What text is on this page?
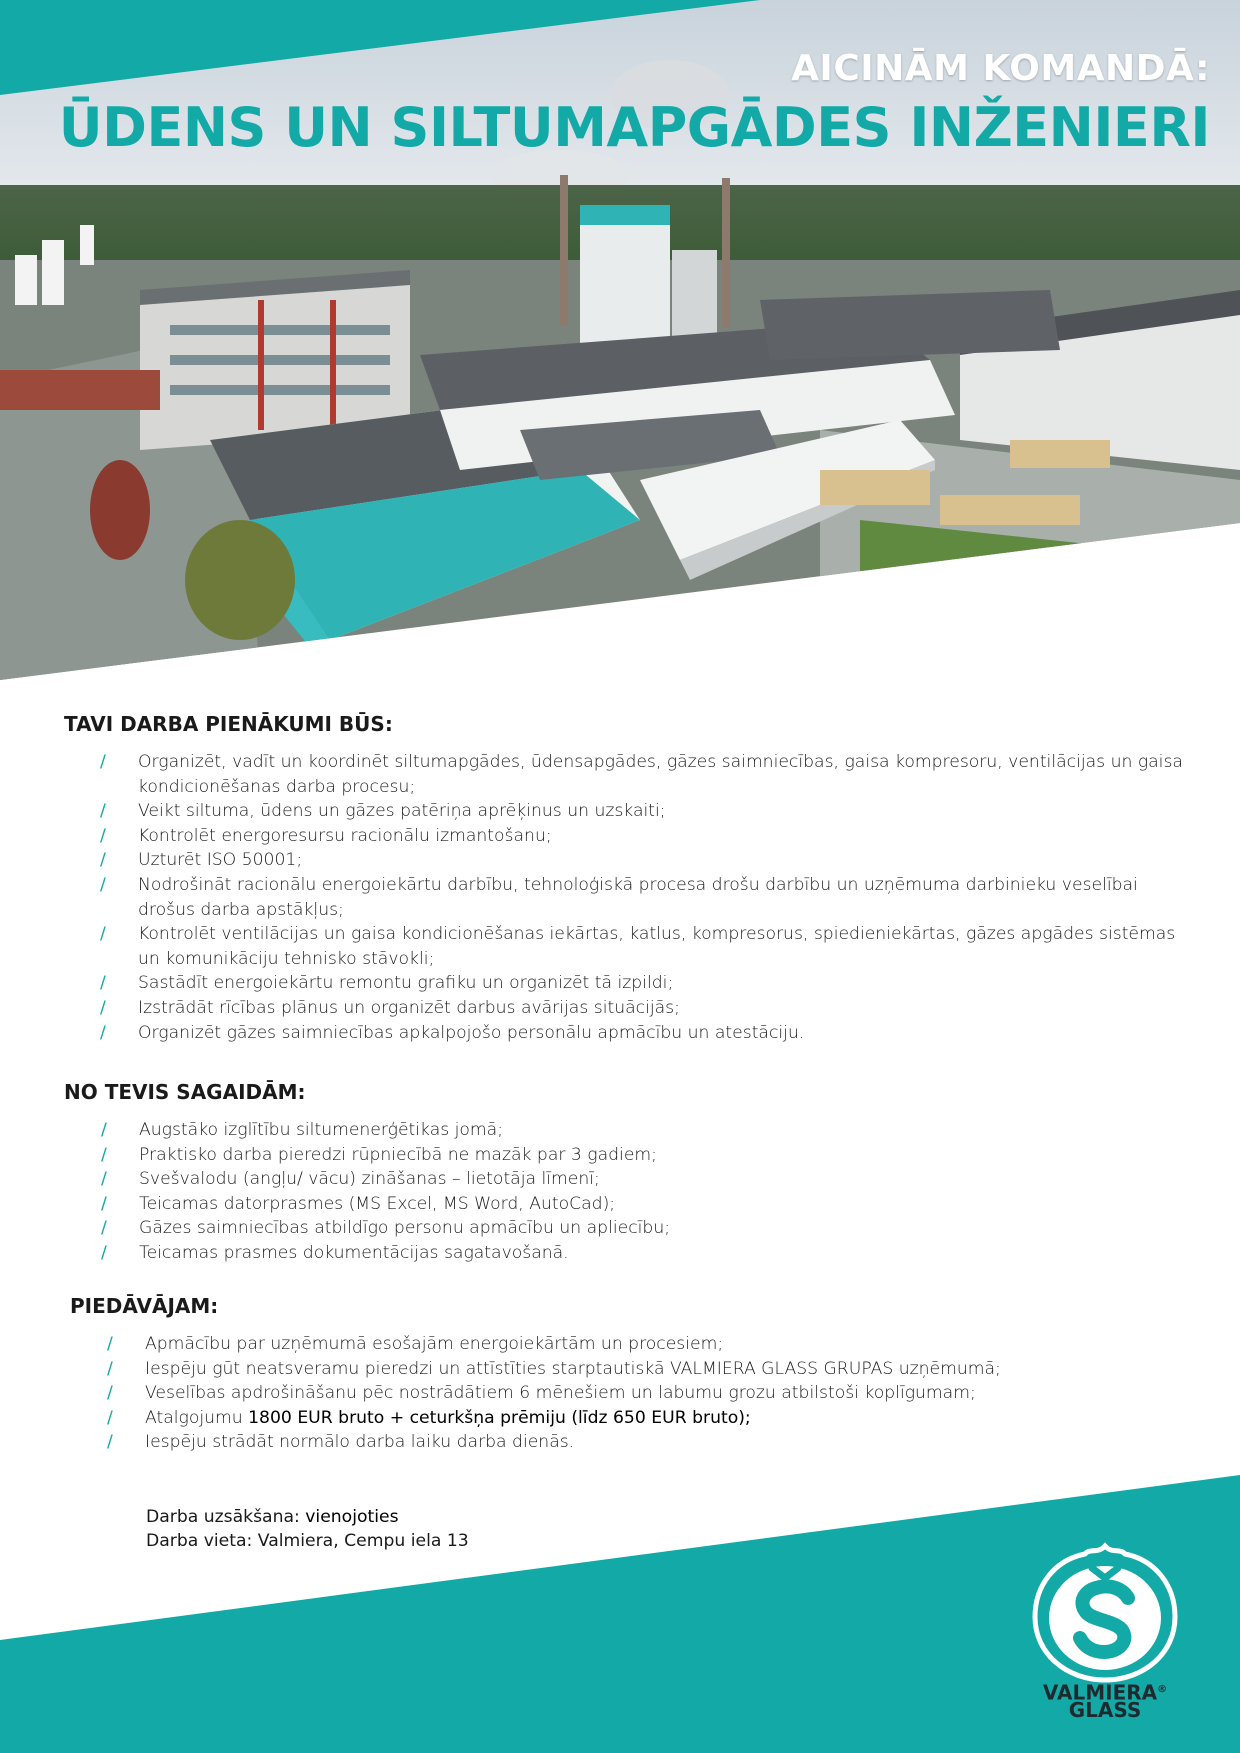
AICINĀM KOMANDĀ:
ŪDENS UN SILTUMAPGĀDES INŽENIERI
TAVI DARBA PIENĀKUMI BŪS:
/ Organizēt, vadīt un koordinēt siltumapgādes, ūdensapgādes, gāzes saimniecības, gaisa kompresoru, ventilācijas un gaisa kondicionēšanas darba procesu;
/ Veikt siltuma, ūdens un gāzes patēriņa aprēķinus un uzskaiti;
/ Kontrolēt energoresursu racionālu izmantošanu;
/ Uzturēt ISO 50001;
/ Nodrošināt racionālu energoiekārtu darbību, tehnoloģiskā procesa drošu darbību un uzņēmuma darbinieku veselībai drošus darba apstākļus;
/ Kontrolēt ventilācijas un gaisa kondicionēšanas iekārtas, katlus, kompresorus, spiedieniekārtas, gāzes apgādes sistēmas un komunikāciju tehnisko stāvokli;
/ Sastādīt energoiekārtu remontu grafiku un organizēt tā izpildi;
/ Izstrādāt rīcības plānus un organizēt darbus avārijas situācijās;
/ Organizēt gāzes saimniecības apkalpojošo personālu apmācību un atestāciju.
NO TEVIS SAGAIDĀM:
/ Augstāko izglītību siltumenerģētikas jomā;
/ Praktisko darba pieredzi rūpniecībā ne mazāk par 3 gadiem;
/ Svešvalodu (angļu/ vācu) zināšanas – lietotāja līmenī;
/ Teicamas datorprasmes (MS Excel, MS Word, AutoCad);
/ Gāzes saimniecības atbildīgo personu apmācību un apliecību;
/ Teicamas prasmes dokumentācijas sagatavošanā.
PIEDĀVĀJAM:
/ Apmācību par uzņēmumā esošajām energoiekārtām un procesiem;
/ Iespēju gūt neatsveramu pieredzi un attīstīties starptautiskā VALMIERA GLASS GRUPAS uzņēmumā;
/ Veselības apdrošināšanu pēc nostrādātiem 6 mēnešiem un labumu grozu atbilstoši koplīgumam;
/ Atalgojumu 1800 EUR bruto + ceturkšņa prēmiju (līdz 650 EUR bruto);
/ Iespēju strādāt normālo darba laiku darba dienās.
Darba uzsākšana: vienojoties
Darba vieta: Valmiera, Cempu iela 13
VALMIERA®
GLASS
